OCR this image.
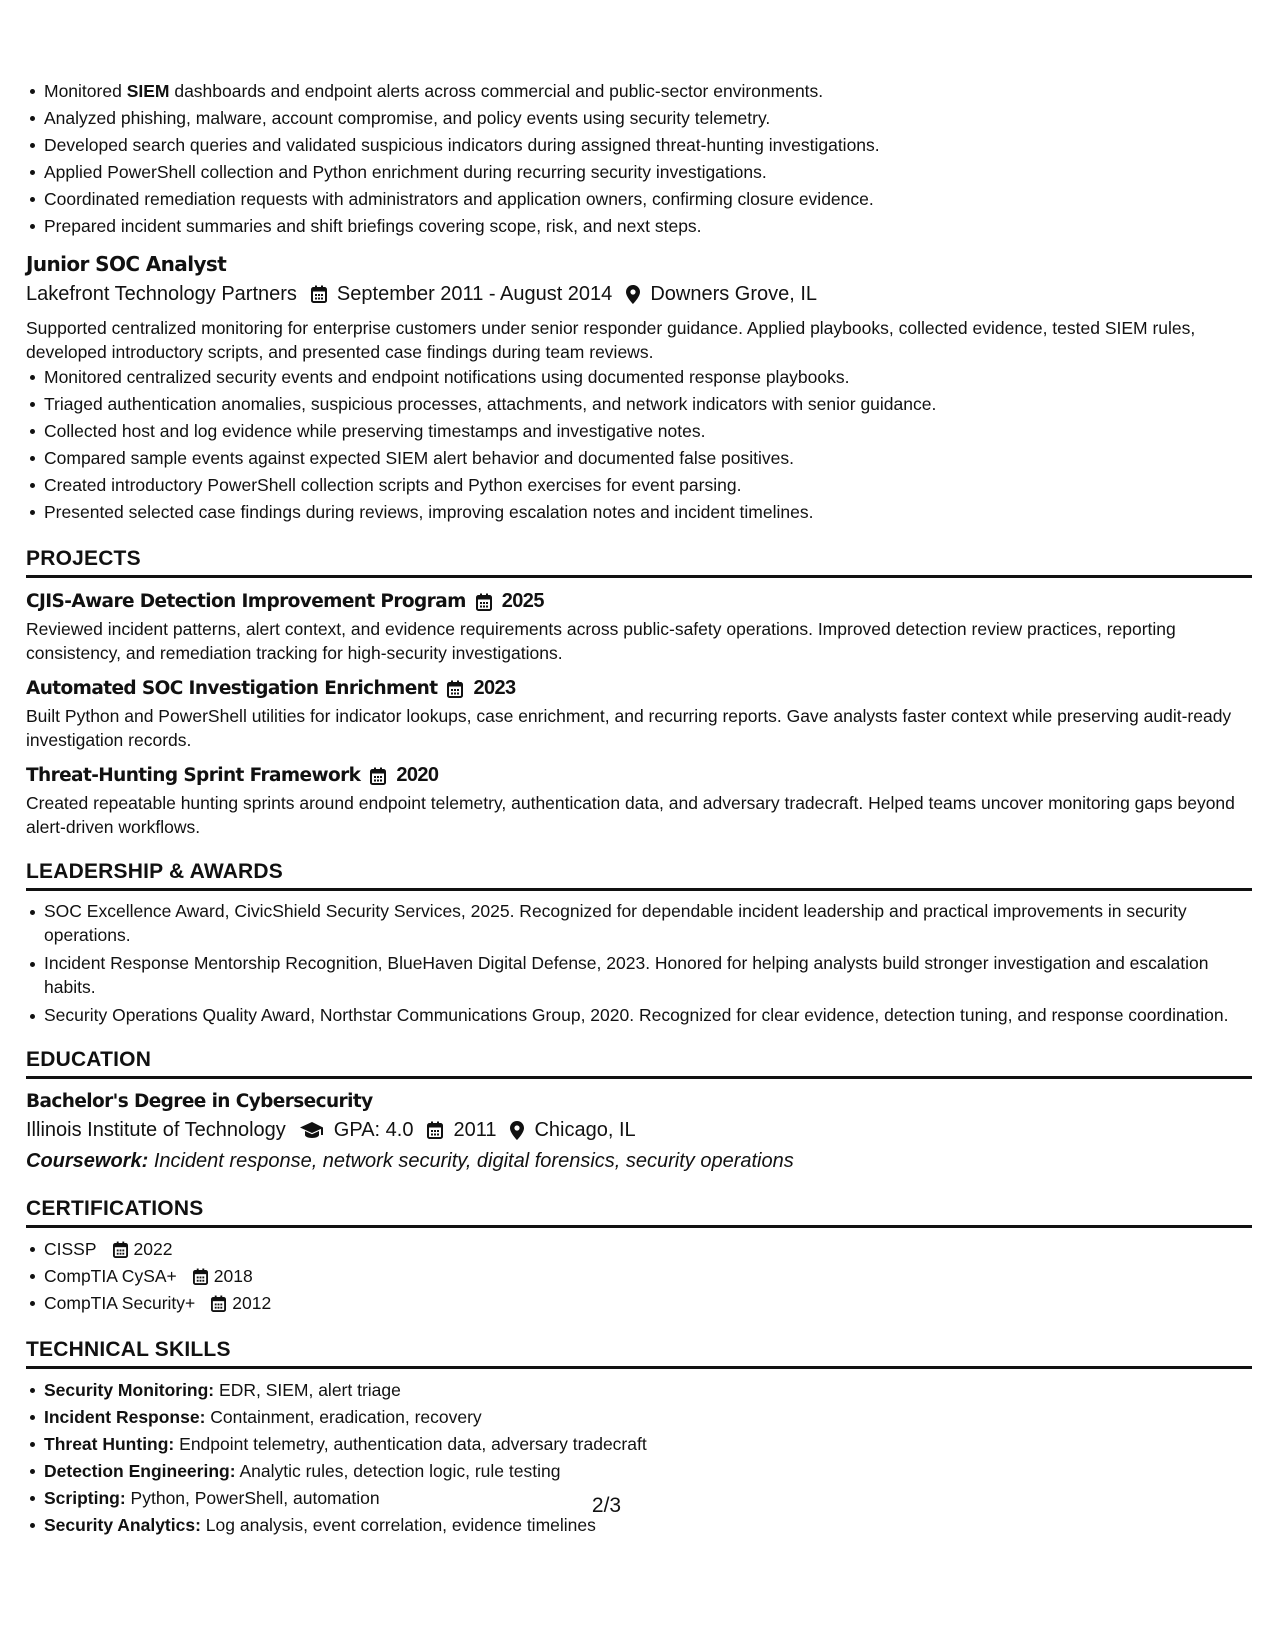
Monitored SIEM dashboards and endpoint alerts across commercial and public-sector environments.
Analyzed phishing, malware, account compromise, and policy events using security telemetry.
Developed search queries and validated suspicious indicators during assigned threat-hunting investigations.
Applied PowerShell collection and Python enrichment during recurring security investigations.
Coordinated remediation requests with administrators and application owners, confirming closure evidence.
Prepared incident summaries and shift briefings covering scope, risk, and next steps.
Junior SOC Analyst
Lakefront Technology Partners September 2011 - August 2014 Downers Grove, IL

Supported centralized monitoring for enterprise customers under senior responder guidance. Applied playbooks, collected evidence, tested SIEM rules, developed introductory scripts, and presented case findings during team reviews.

Monitored centralized security events and endpoint notifications using documented response playbooks.
Triaged authentication anomalies, suspicious processes, attachments, and network indicators with senior guidance.
Collected host and log evidence while preserving timestamps and investigative notes.
Compared sample events against expected SIEM alert behavior and documented false positives.
Created introductory PowerShell collection scripts and Python exercises for event parsing.
Presented selected case findings during reviews, improving escalation notes and incident timelines.
PROJECTS
CJIS-Aware Detection Improvement Program 2025

Reviewed incident patterns, alert context, and evidence requirements across public-safety operations. Improved detection review practices, reporting consistency, and remediation tracking for high-security investigations.

Automated SOC Investigation Enrichment 2023

Built Python and PowerShell utilities for indicator lookups, case enrichment, and recurring reports. Gave analysts faster context while preserving audit-ready investigation records.

Threat-Hunting Sprint Framework 2020

Created repeatable hunting sprints around endpoint telemetry, authentication data, and adversary tradecraft. Helped teams uncover monitoring gaps beyond alert-driven workflows.

LEADERSHIP & AWARDS
SOC Excellence Award, CivicShield Security Services, 2025. Recognized for dependable incident leadership and practical improvements in security operations.
Incident Response Mentorship Recognition, BlueHaven Digital Defense, 2023. Honored for helping analysts build stronger investigation and escalation habits.
Security Operations Quality Award, Northstar Communications Group, 2020. Recognized for clear evidence, detection tuning, and response coordination.
EDUCATION
Bachelor's Degree in Cybersecurity
Illinois Institute of Technology GPA: 4.0 2011 Chicago, IL
Coursework: Incident response, network security, digital forensics, security operations
CERTIFICATIONS
CISSP 2022
CompTIA CySA+ 2018
CompTIA Security+ 2012
TECHNICAL SKILLS
Security Monitoring: EDR, SIEM, alert triage
Incident Response: Containment, eradication, recovery
Threat Hunting: Endpoint telemetry, authentication data, adversary tradecraft
Detection Engineering: Analytic rules, detection logic, rule testing
Scripting: Python, PowerShell, automation
Security Analytics: Log analysis, event correlation, evidence timelines
2/3
